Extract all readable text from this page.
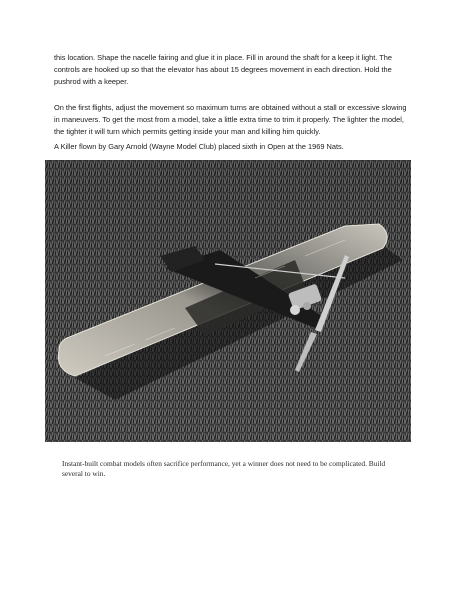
this location. Shape the nacelle fairing and glue it in place. Fill in around the shaft for a keep it light. The controls are hooked up so that the elevator has about 15 degrees movement in each direction. Hold the pushrod with a keeper.

On the first flights, adjust the movement so maximum turns are obtained without a stall or excessive slowing in maneuvers. To get the most from a model, take a little extra time to trim it properly. The lighter the model, the tighter it will turn which permits getting inside your man and killing him quickly.

A Killer flown by Gary Arnold (Wayne Model Club) placed sixth in Open at the 1969 Nats.

Instant-built combat models often sacrifice performance, yet a winner does not need to be complicated. Build several to win.
